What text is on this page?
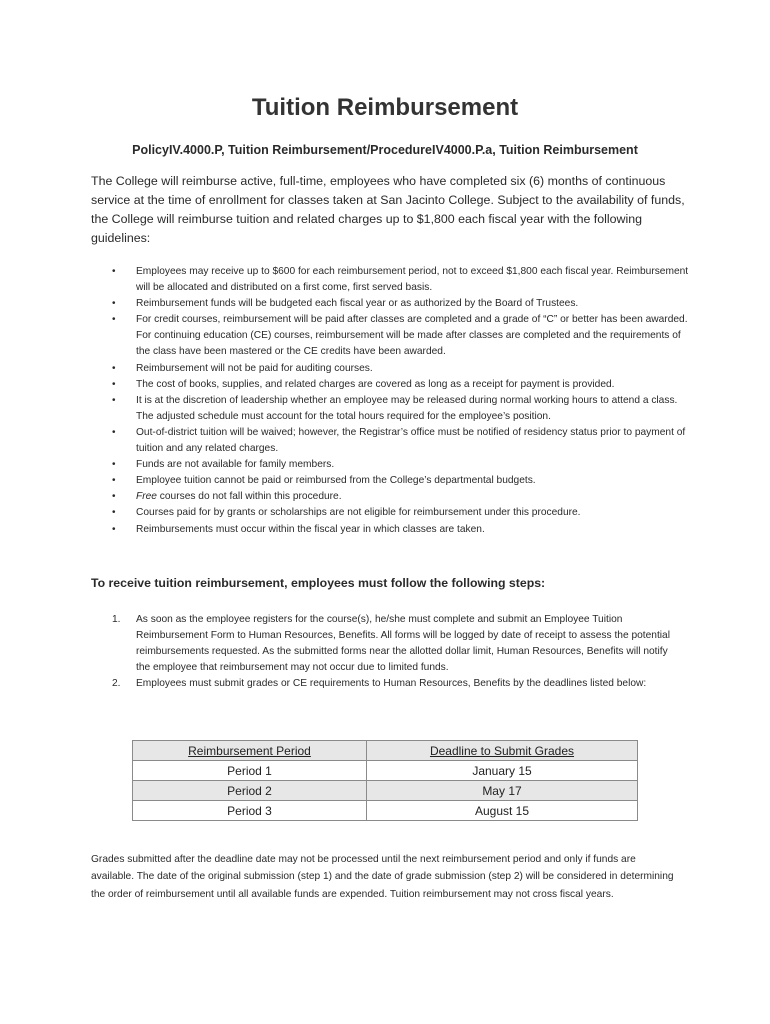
Tuition Reimbursement
PolicyIV.4000.P, Tuition Reimbursement/ProcedureIV4000.P.a, Tuition Reimbursement
The College will reimburse active, full-time, employees who have completed six (6) months of continuous service at the time of enrollment for classes taken at San Jacinto College. Subject to the availability of funds, the College will reimburse tuition and related charges up to $1,800 each fiscal year with the following guidelines:
• Employees may receive up to $600 for each reimbursement period, not to exceed $1,800 each fiscal year. Reimbursement will be allocated and distributed on a first come, first served basis.
• Reimbursement funds will be budgeted each fiscal year or as authorized by the Board of Trustees.
• For credit courses, reimbursement will be paid after classes are completed and a grade of “C” or better has been awarded. For continuing education (CE) courses, reimbursement will be made after classes are completed and the requirements of the class have been mastered or the CE credits have been awarded.
• Reimbursement will not be paid for auditing courses.
• The cost of books, supplies, and related charges are covered as long as a receipt for payment is provided.
• It is at the discretion of leadership whether an employee may be released during normal working hours to attend a class. The adjusted schedule must account for the total hours required for the employee’s position.
• Out-of-district tuition will be waived; however, the Registrar’s office must be notified of residency status prior to payment of tuition and any related charges.
• Funds are not available for family members.
• Employee tuition cannot be paid or reimbursed from the College’s departmental budgets.
• Free courses do not fall within this procedure.
• Courses paid for by grants or scholarships are not eligible for reimbursement under this procedure.
• Reimbursements must occur within the fiscal year in which classes are taken.
To receive tuition reimbursement, employees must follow the following steps:
1. As soon as the employee registers for the course(s), he/she must complete and submit an Employee Tuition Reimbursement Form to Human Resources, Benefits. All forms will be logged by date of receipt to assess the potential reimbursements requested. As the submitted forms near the allotted dollar limit, Human Resources, Benefits will notify the employee that reimbursement may not occur due to limited funds.
2. Employees must submit grades or CE requirements to Human Resources, Benefits by the deadlines listed below:
Reimbursement Period	Deadline to Submit Grades
Period 1	January 15
Period 2	May 17
Period 3	August 15
Grades submitted after the deadline date may not be processed until the next reimbursement period and only if funds are available. The date of the original submission (step 1) and the date of grade submission (step 2) will be considered in determining the order of reimbursement until all available funds are expended. Tuition reimbursement may not cross fiscal years.
